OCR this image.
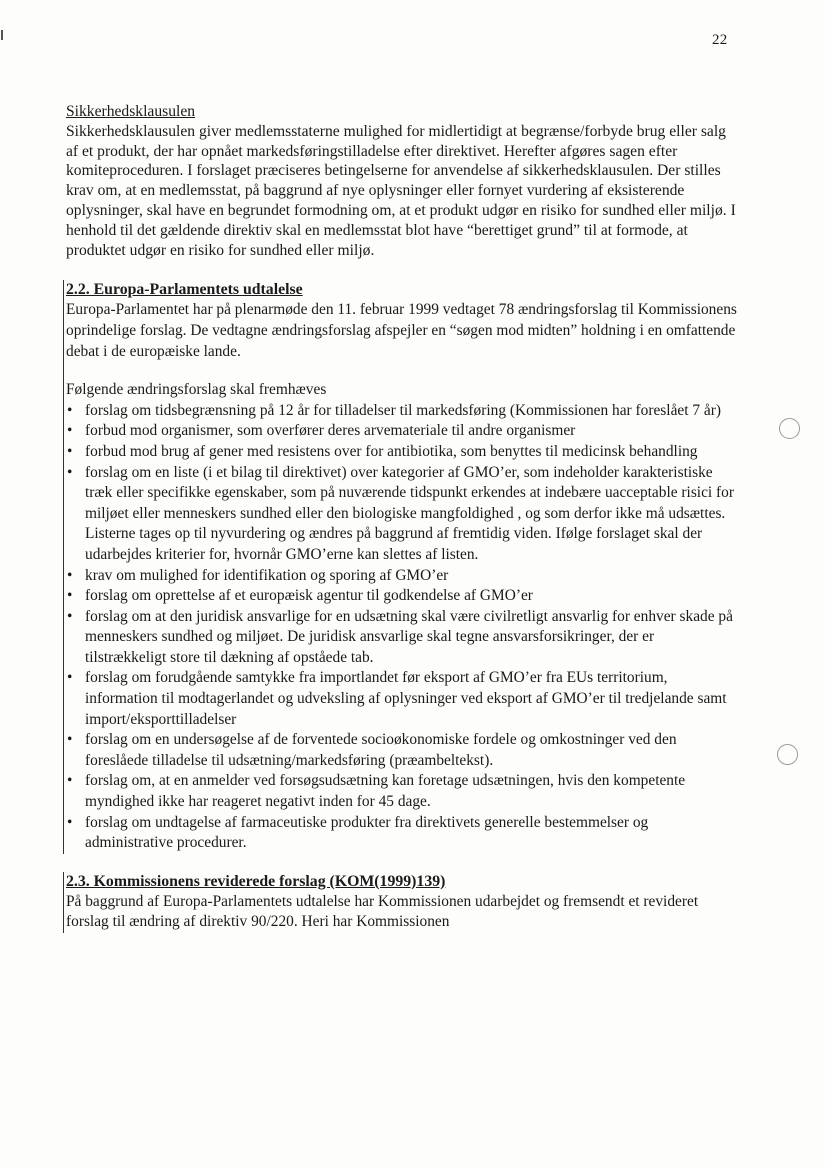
22
Sikkerhedsklausulen

Sikkerhedsklausulen giver medlemsstaterne mulighed for midlertidigt at begrænse/forbyde brug eller salg af et produkt, der har opnået markedsføringstilladelse efter direktivet. Herefter afgøres sagen efter komiteproceduren. I forslaget præciseres betingelserne for anvendelse af sikkerhedsklausulen. Der stilles krav om, at en medlemsstat, på baggrund af nye oplysninger eller fornyet vurdering af eksisterende oplysninger, skal have en begrundet formodning om, at et produkt udgør en risiko for sundhed eller miljø. I henhold til det gældende direktiv skal en medlemsstat blot have “berettiget grund” til at formode, at produktet udgør en risiko for sundhed eller miljø.

2.2. Europa-Parlamentets udtalelse

Europa-Parlamentet har på plenarmøde den 11. februar 1999 vedtaget 78 ændringsforslag til Kommissionens oprindelige forslag. De vedtagne ændringsforslag afspejler en “søgen mod midten” holdning i en omfattende debat i de europæiske lande.

Følgende ændringsforslag skal fremhæves

• forslag om tidsbegrænsning på 12 år for tilladelser til markedsføring (Kommissionen har foreslået 7 år)
• forbud mod organismer, som overfører deres arvemateriale til andre organismer
• forbud mod brug af gener med resistens over for antibiotika, som benyttes til medicinsk behandling
• forslag om en liste (i et bilag til direktivet) over kategorier af GMO’er, som indeholder karakteristiske træk eller specifikke egenskaber, som på nuværende tidspunkt erkendes at indebære uacceptable risici for miljøet eller menneskers sundhed eller den biologiske mangfoldighed , og som derfor ikke må udsættes. Listerne tages op til nyvurdering og ændres på baggrund af fremtidig viden. Ifølge forslaget skal der udarbejdes kriterier for, hvornår GMO’erne kan slettes af listen.
• krav om mulighed for identifikation og sporing af GMO’er
• forslag om oprettelse af et europæisk agentur til godkendelse af GMO’er
• forslag om at den juridisk ansvarlige for en udsætning skal være civilretligt ansvarlig for enhver skade på menneskers sundhed og miljøet. De juridisk ansvarlige skal tegne ansvarsforsikringer, der er tilstrækkeligt store til dækning af opståede tab.
• forslag om forudgående samtykke fra importlandet før eksport af GMO’er fra EUs territorium, information til modtagerlandet og udveksling af oplysninger ved eksport af GMO’er til tredjelande samt import/eksporttilladelser
• forslag om en undersøgelse af de forventede socioøkonomiske fordele og omkostninger ved den foreslåede tilladelse til udsætning/markedsføring (præambeltekst).
• forslag om, at en anmelder ved forsøgsudsætning kan foretage udsætningen, hvis den kompetente myndighed ikke har reageret negativt inden for 45 dage.
• forslag om undtagelse af farmaceutiske produkter fra direktivets generelle bestemmelser og administrative procedurer.
2.3. Kommissionens reviderede forslag (KOM(1999)139)

På baggrund af Europa-Parlamentets udtalelse har Kommissionen udarbejdet og fremsendt et revideret forslag til ændring af direktiv 90/220. Heri har Kommissionen
